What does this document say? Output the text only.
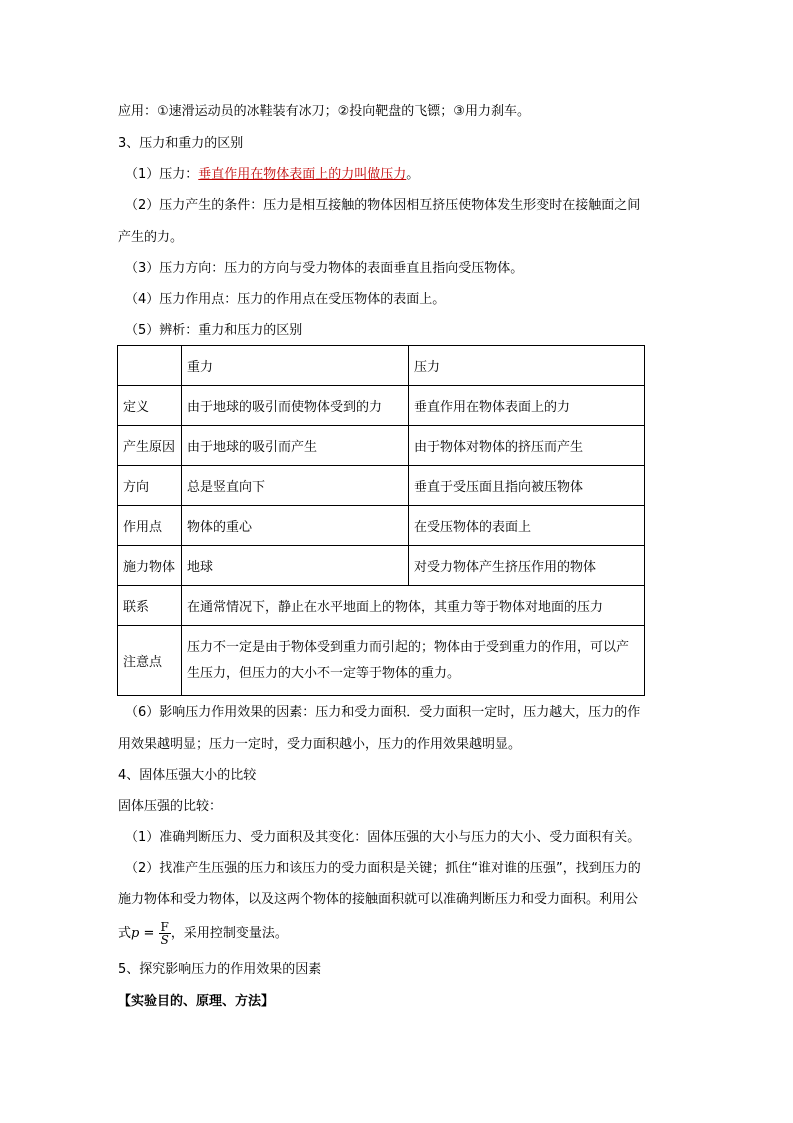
应用：①速滑运动员的冰鞋装有冰刀；②投向靶盘的飞镖；③用力刹车。
3、压力和重力的区别
（1）压力：垂直作用在物体表面上的力叫做压力。
（2）压力产生的条件：压力是相互接触的物体因相互挤压使物体发生形变时在接触面之间
产生的力。
（3）压力方向：压力的方向与受力物体的表面垂直且指向受压物体。
（4）压力作用点：压力的作用点在受压物体的表面上。
（5）辨析：重力和压力的区别
	重力	压力
定义	由于地球的吸引而使物体受到的力	垂直作用在物体表面上的力
产生原因	由于地球的吸引而产生	由于物体对物体的挤压而产生
方向	总是竖直向下	垂直于受压面且指向被压物体
作用点	物体的重心	在受压物体的表面上
施力物体	地球	对受力物体产生挤压作用的物体
联系	在通常情况下，静止在水平地面上的物体，其重力等于物体对地面的压力	
注意点	压力不一定是由于物体受到重力而引起的；物体由于受到重力的作用，可以产生压力，但压力的大小不一定等于物体的重力。	
（6）影响压力作用效果的因素：压力和受力面积．受力面积一定时，压力越大，压力的作
用效果越明显；压力一定时，受力面积越小，压力的作用效果越明显。
4、固体压强大小的比较
固体压强的比较：
（1）准确判断压力、受力面积及其变化：固体压强的大小与压力的大小、受力面积有关。
（2）找准产生压强的压力和该压力的受力面积是关键；抓住“谁对谁的压强”，找到压力的
施力物体和受力物体，以及这两个物体的接触面积就可以准确判断压力和受力面积。利用公
式$p = \frac{F}{S}$ ，采用控制变量法。
5、探究影响压力的作用效果的因素
【实验目的、原理、方法】
